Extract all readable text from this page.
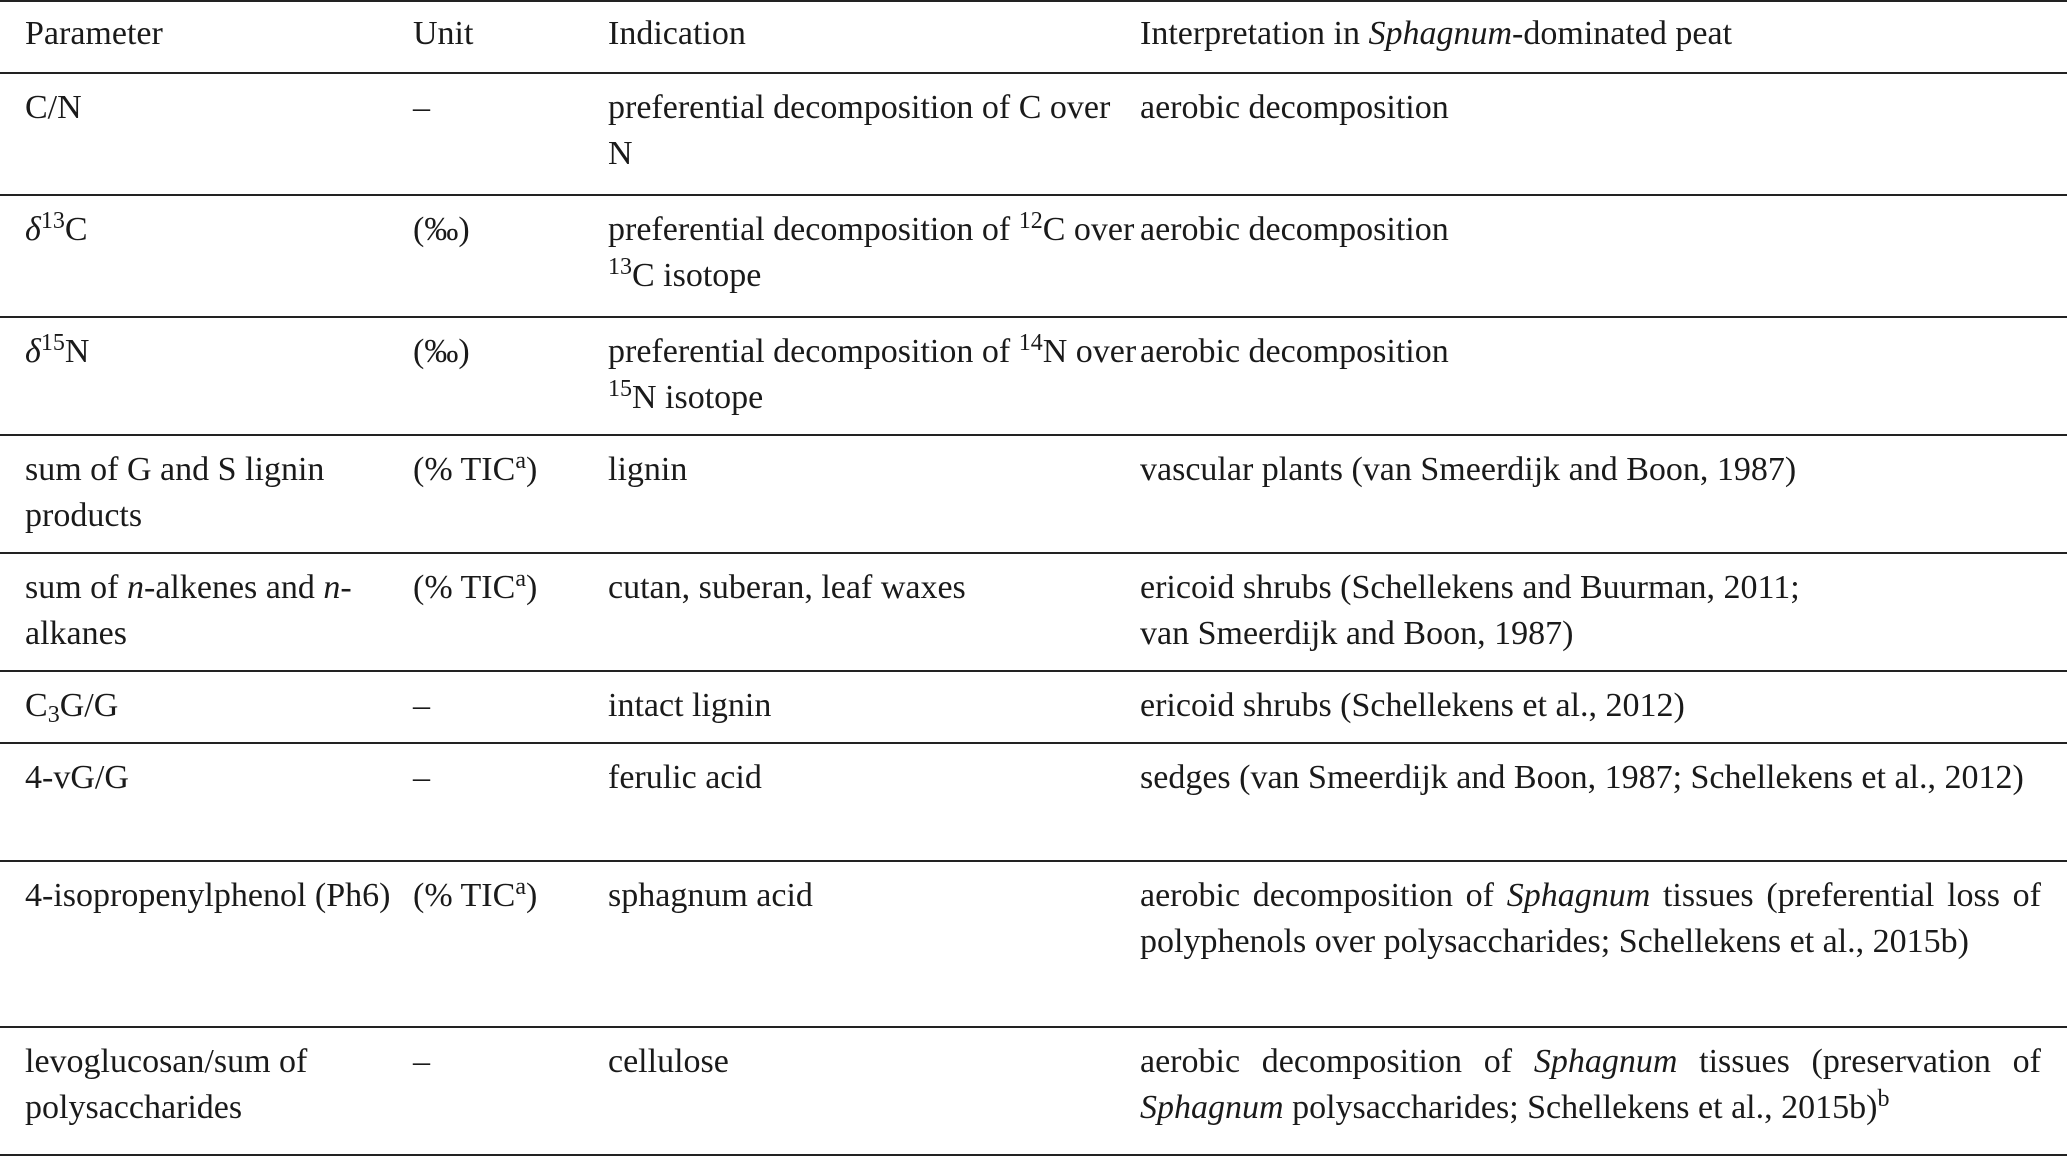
Parameter	Unit	Indication	Interpretation in Sphagnum-dominated peat
C/N	–	preferential decomposition of C over N	aerobic decomposition
$\delta^{13}C$	(‰)	preferential decomposition of $^{12}$C over $^{13}$C isotope	aerobic decomposition
$\delta^{15}N$	(‰)	preferential decomposition of $^{14}$N over $^{15}$N isotope	aerobic decomposition
sum of G and S lignin products	(% TIC$^a$)	lignin	vascular plants (van Smeerdijk and Boon, 1987)
sum of n-alkenes and n-alkanes	(% TIC$^a$)	cutan, suberan, leaf waxes	ericoid shrubs (Schellekens and Buurman, 2011;
van Smeerdijk and Boon, 1987)
$C_3G/G$	–	intact lignin	ericoid shrubs (Schellekens et al., 2012)
4-vG/G	–	ferulic acid	sedges (van Smeerdijk and Boon, 1987; Schellekens et al., 2012)
4-isopropenylphenol (Ph6)	(% TIC$^a$)	sphagnum acid	aerobic decomposition of Sphagnum tissues (preferential loss of polyphenols over polysaccharides; Schellekens et al., 2015b)
levoglucosan/sum of polysaccharides	–	cellulose	aerobic decomposition of Sphagnum tissues (preservation of Sphagnum polysaccharides; Schellekens et al., 2015b)$^b$
